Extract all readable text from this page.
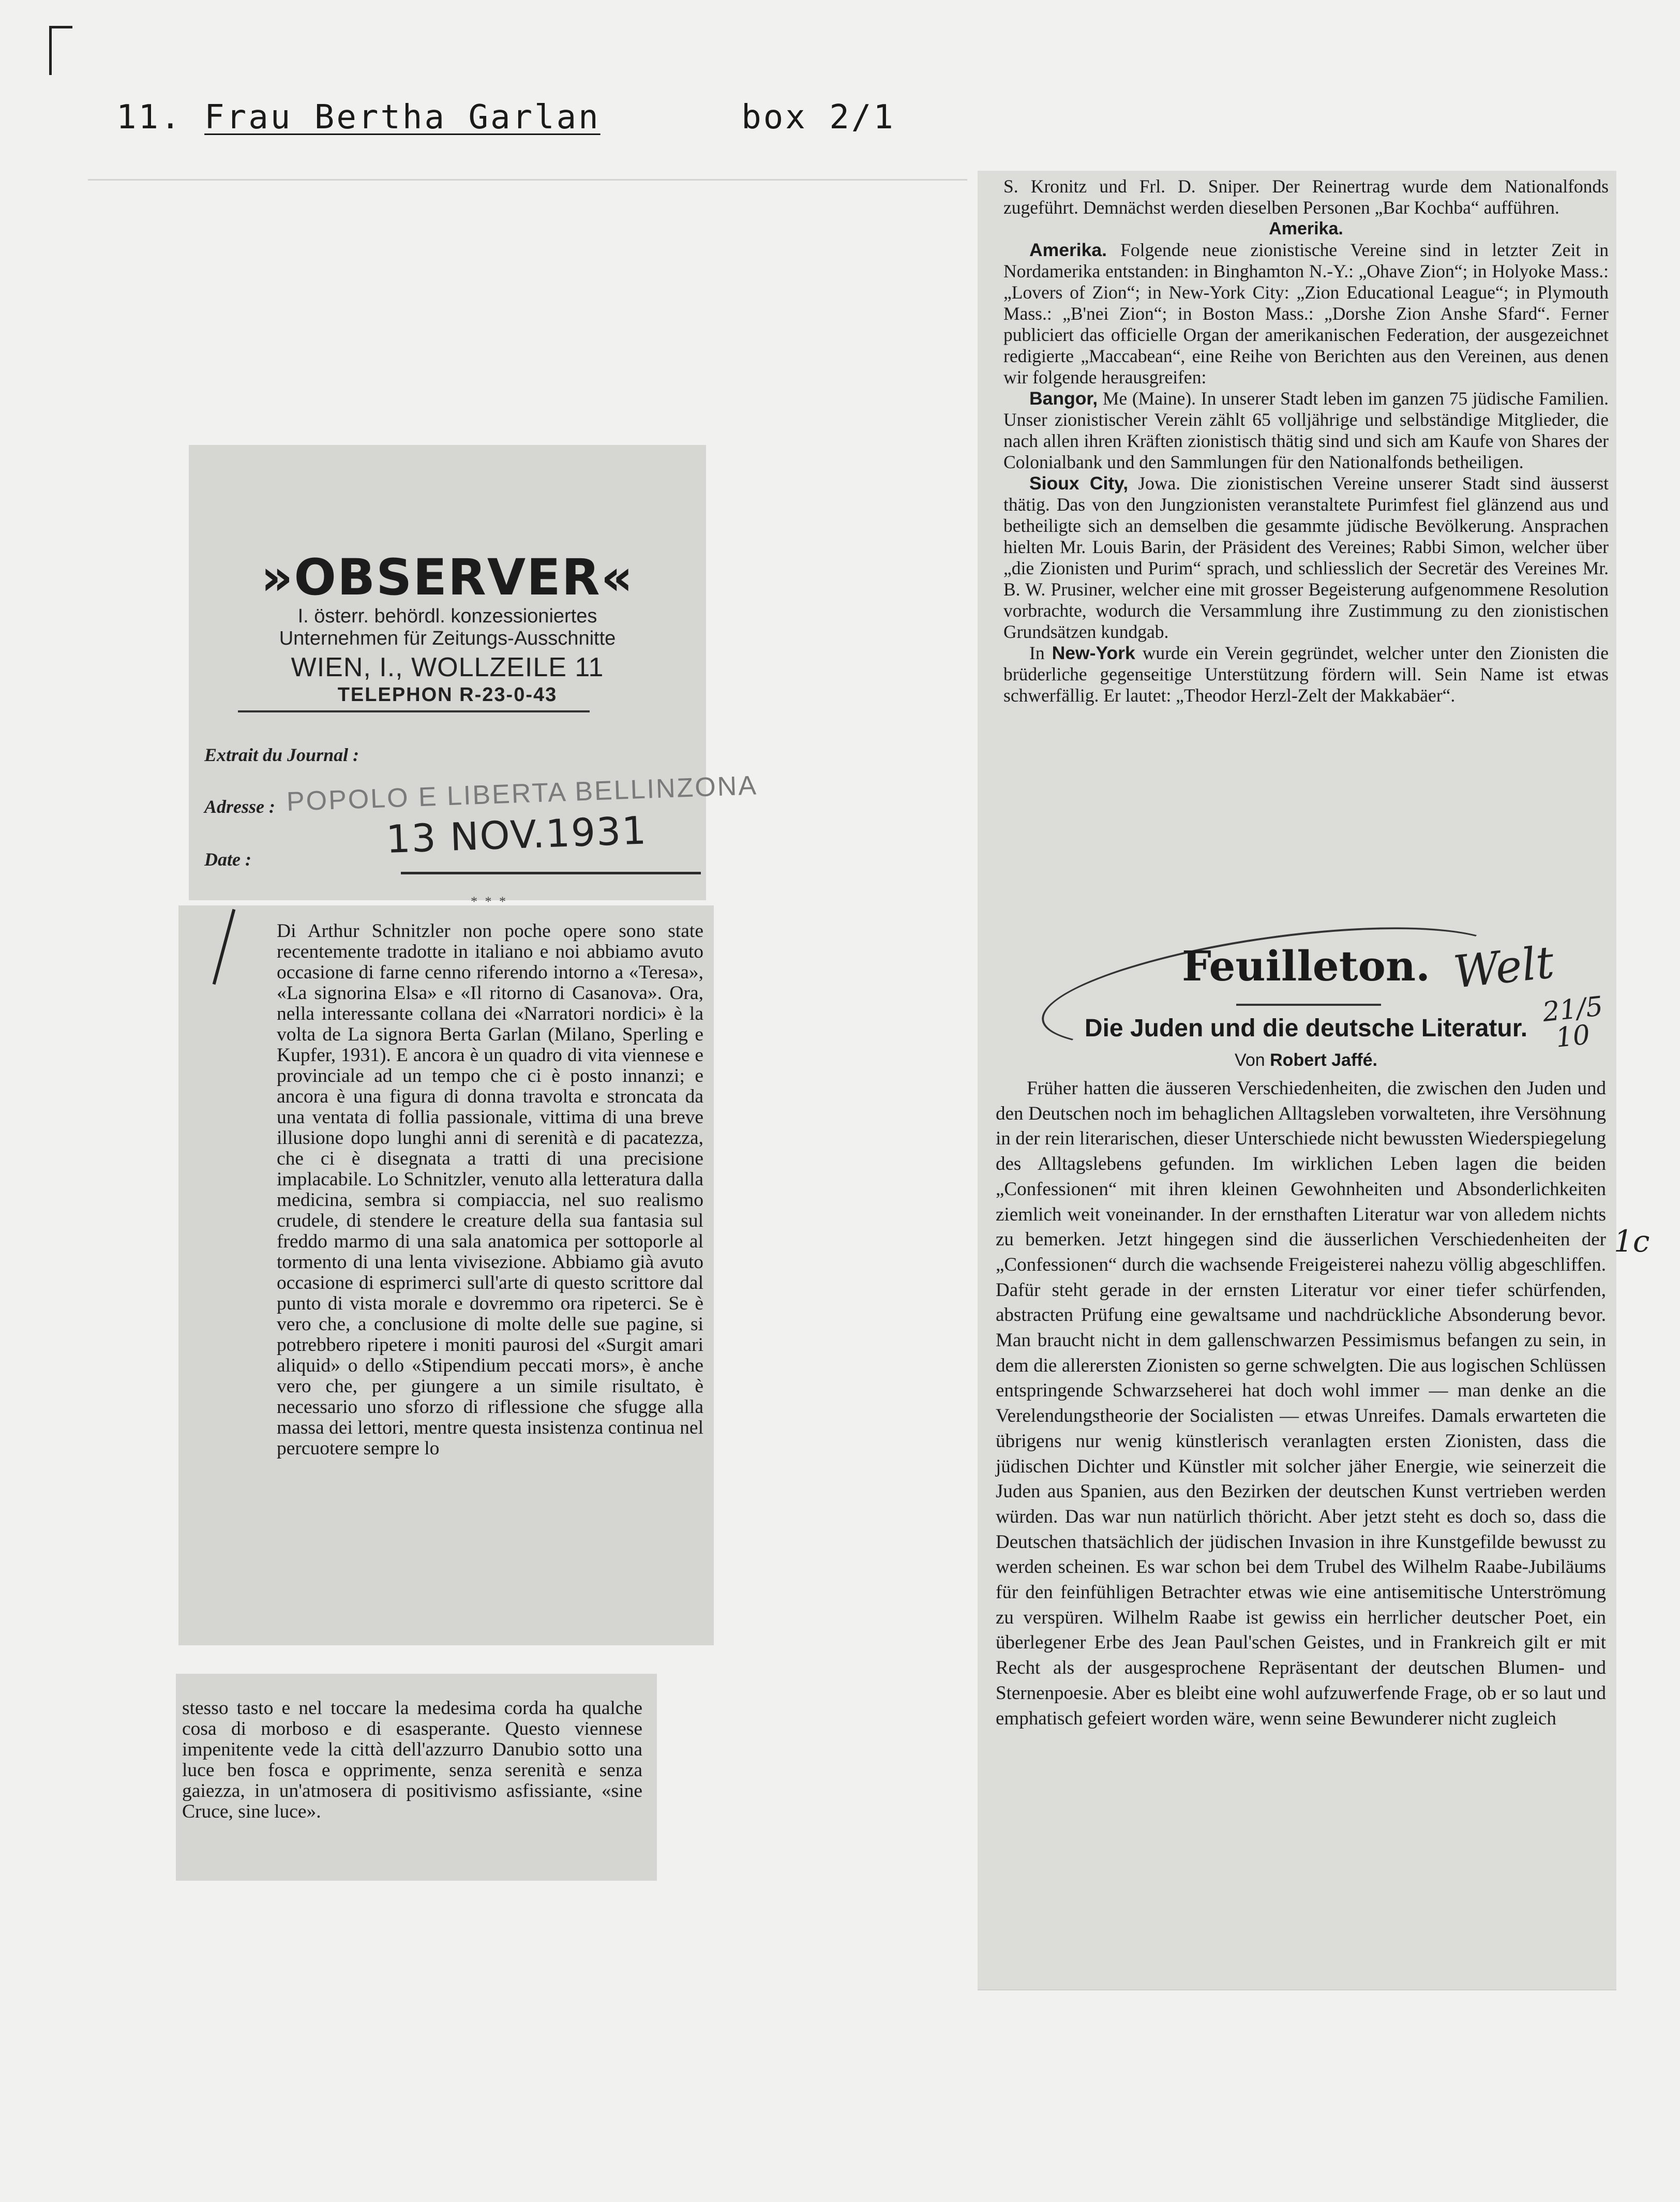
11. Frau Bertha Garlan	box 2/1
»OBSERVER«
I. österr. behördl. konzessioniertes
Unternehmen für Zeitungs-Ausschnitte
WIEN, I., WOLLZEILE 11
TELEPHON R-23-0-43
Extrait du Journal :
Adresse :
Date :
POPOLO E LIBERTA BELLINZONA
13 NOV.1931
* * *
Di Arthur Schnitzler non poche opere sono state recentemente tradotte in italiano e noi abbiamo avuto occasione di farne cenno riferendo intorno a «Teresa», «La signorina Elsa» e «Il ritorno di Casanova». Ora, nella interessante collana dei «Narratori nordici» è la volta de La signora Berta Garlan (Milano, Sperling e Kupfer, 1931). E ancora è un quadro di vita viennese e provinciale ad un tempo che ci è posto innanzi; e ancora è una figura di donna travolta e stroncata da una ventata di follia passionale, vittima di una breve illusione dopo lunghi anni di serenità e di pacatezza, che ci è disegnata a tratti di una precisione implacabile. Lo Schnitzler, venuto alla letteratura dalla medicina, sembra si compiaccia, nel suo realismo crudele, di stendere le creature della sua fantasia sul freddo marmo di una sala anatomica per sottoporle al tormento di una lenta vivisezione. Abbiamo già avuto occasione di esprimerci sull'arte di questo scrittore dal punto di vista morale e dovremmo ora ripeterci. Se è vero che, a conclusione di molte delle sue pagine, si potrebbero ripetere i moniti paurosi del «Surgit amari aliquid» o dello «Stipendium peccati mors», è anche vero che, per giungere a un simile risultato, è necessario uno sforzo di riflessione che sfugge alla massa dei lettori, mentre questa insistenza continua nel percuotere sempre lo
stesso tasto e nel toccare la medesima corda ha qualche cosa di morboso e di esasperante. Questo viennese impenitente vede la città dell'azzurro Danubio sotto una luce ben fosca e opprimente, senza serenità e senza gaiezza, in un'atmosera di positivismo asfissiante, «sine Cruce, sine luce».

S. Kronitz und Frl. D. Sniper. Der Reinertrag wurde dem Nationalfonds zugeführt. Demnächst werden dieselben Personen „Bar Kochba“ aufführen.

Amerika.

Amerika. Folgende neue zionistische Vereine sind in letzter Zeit in Nordamerika entstanden: in Binghamton N.-Y.: „Ohave Zion“; in Holyoke Mass.: „Lovers of Zion“; in New-York City: „Zion Educational League“; in Plymouth Mass.: „B'nei Zion“; in Boston Mass.: „Dorshe Zion Anshe Sfard“. Ferner publiciert das officielle Organ der amerikanischen Federation, der ausgezeichnet redigierte „Maccabean“, eine Reihe von Berichten aus den Vereinen, aus denen wir folgende herausgreifen:

Bangor, Me (Maine). In unserer Stadt leben im ganzen 75 jüdische Familien. Unser zionistischer Verein zählt 65 volljährige und selbständige Mitglieder, die nach allen ihren Kräften zionistisch thätig sind und sich am Kaufe von Shares der Colonialbank und den Sammlungen für den Nationalfonds betheiligen.

Sioux City, Jowa. Die zionistischen Vereine unserer Stadt sind äusserst thätig. Das von den Jungzionisten veranstaltete Purimfest fiel glänzend aus und betheiligte sich an demselben die gesammte jüdische Bevölkerung. Ansprachen hielten Mr. Louis Barin, der Präsident des Vereines; Rabbi Simon, welcher über „die Zionisten und Purim“ sprach, und schliesslich der Secretär des Vereines Mr. B. W. Prusiner, welcher eine mit grosser Begeisterung aufgenommene Resolution vorbrachte, wodurch die Versammlung ihre Zustimmung zu den zionistischen Grundsätzen kundgab.

In New-York wurde ein Verein gegründet, welcher unter den Zionisten die brüderliche gegenseitige Unterstützung fördern will. Sein Name ist etwas schwerfällig. Er lautet: „Theodor Herzl-Zelt der Makkabäer“.

Feuilleton. Welt
21/5
10
Die Juden und die deutsche Literatur.
Von Robert Jaffé.

Früher hatten die äusseren Verschiedenheiten, die zwischen den Juden und den Deutschen noch im behaglichen Alltagsleben vorwalteten, ihre Versöhnung in der rein literarischen, dieser Unterschiede nicht bewussten Wiederspiegelung des Alltagslebens gefunden. Im wirklichen Leben lagen die beiden „Confessionen“ mit ihren kleinen Gewohnheiten und Absonderlichkeiten ziemlich weit voneinander. In der ernsthaften Literatur war von alledem nichts zu bemerken. Jetzt hingegen sind die äusserlichen Verschiedenheiten der „Confessionen“ durch die wachsende Freigeisterei nahezu völlig abgeschliffen. Dafür steht gerade in der ernsten Literatur vor einer tiefer schürfenden, abstracten Prüfung eine gewaltsame und nachdrückliche Absonderung bevor. Man braucht nicht in dem gallenschwarzen Pessimismus befangen zu sein, in dem die allerersten Zionisten so gerne schwelgten. Die aus logischen Schlüssen entspringende Schwarzseherei hat doch wohl immer — man denke an die Verelendungstheorie der Socialisten — etwas Unreifes. Damals erwarteten die übrigens nur wenig künstlerisch veranlagten ersten Zionisten, dass die jüdischen Dichter und Künstler mit solcher jäher Energie, wie seinerzeit die Juden aus Spanien, aus den Bezirken der deutschen Kunst vertrieben werden würden. Das war nun natürlich thöricht. Aber jetzt steht es doch so, dass die Deutschen thatsächlich der jüdischen Invasion in ihre Kunstgefilde bewusst zu werden scheinen. Es war schon bei dem Trubel des Wilhelm Raabe-Jubiläums für den feinfühligen Betrachter etwas wie eine antisemitische Unterströmung zu verspüren. Wilhelm Raabe ist gewiss ein herrlicher deutscher Poet, ein überlegener Erbe des Jean Paul'schen Geistes, und in Frankreich gilt er mit Recht als der ausgesprochene Repräsentant der deutschen Blumen- und Sternenpoesie. Aber es bleibt eine wohl aufzuwerfende Frage, ob er so laut und emphatisch gefeiert worden wäre, wenn seine Bewunderer nicht zugleich

1c
